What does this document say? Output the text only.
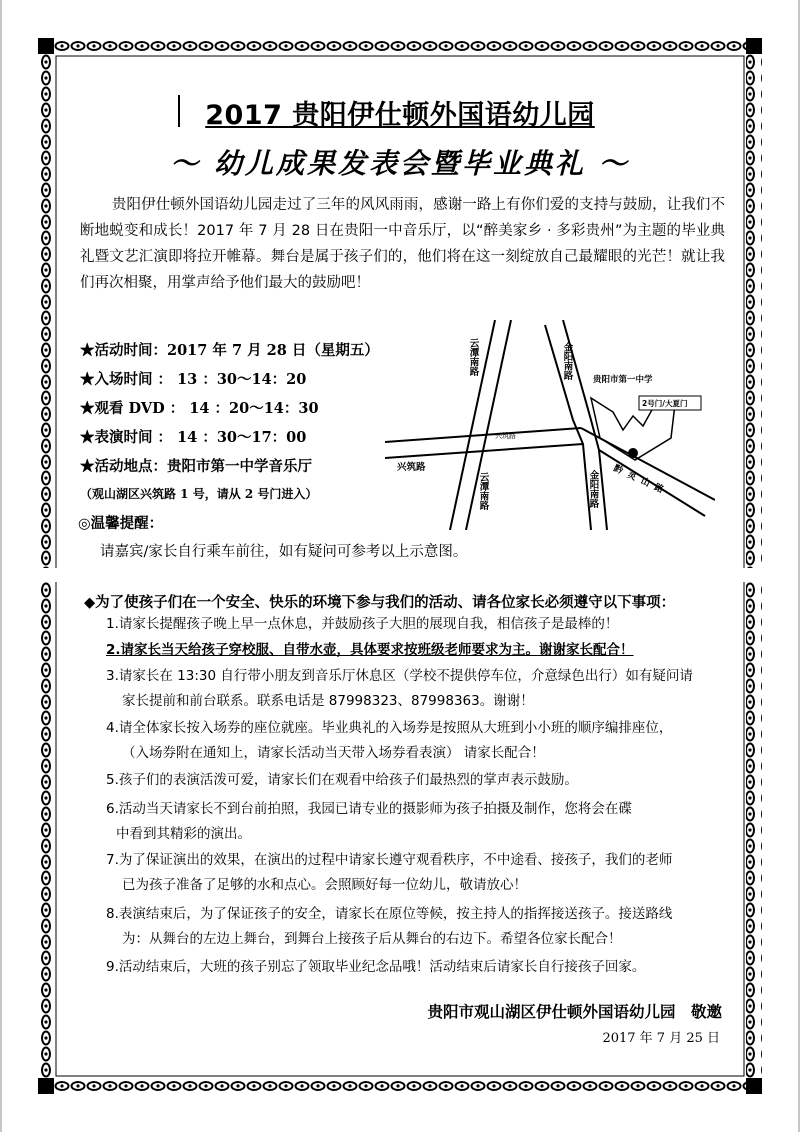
2017 贵阳伊仕顿外国语幼儿园
～ 幼儿成果发表会暨毕业典礼 ～
贵阳伊仕顿外国语幼儿园走过了三年的风风雨雨，感谢一路上有你们爱的支持与鼓励，让我们不断地蜕变和成长！2017 年 7 月 28 日在贵阳一中音乐厅，以“醉美家乡 · 多彩贵州”为主题的毕业典礼暨文艺汇演即将拉开帷幕。舞台是属于孩子们的，他们将在这一刻绽放自己最耀眼的光芒！就让我们再次相聚，用掌声给予他们最大的鼓励吧！
★活动时间：2017 年 7 月 28 日（星期五）
★入场时间 ： 13 ：30～14：20
★观看 DVD ： 14 ：20～14：30
★表演时间 ： 14 ：30～17：00
★活动地点：贵阳市第一中学音乐厅
（观山湖区兴筑路 1 号，请从 2 号门进入）
云潭南路
云潭南路
金阳南路
金阳南路
兴筑路
兴筑路
黔灵山路
贵阳市第一中学
2号门/大夏门
◎温馨提醒：
请嘉宾/家长自行乘车前往，如有疑问可参考以上示意图。
◆为了使孩子们在一个安全、快乐的环境下参与我们的活动、请各位家长必须遵守以下事项：
1.请家长提醒孩子晚上早一点休息，并鼓励孩子大胆的展现自我，相信孩子是最棒的！
2.请家长当天给孩子穿校服、自带水壶，具体要求按班级老师要求为主。谢谢家长配合！
3.请家长在 13:30 自行带小朋友到音乐厅休息区（学校不提供停车位，介意绿色出行）如有疑问请
家长提前和前台联系。联系电话是 87998323、87998363。谢谢！
4.请全体家长按入场券的座位就座。毕业典礼的入场券是按照从大班到小小班的顺序编排座位，
（入场券附在通知上，请家长活动当天带入场券看表演） 请家长配合！
5.孩子们的表演活泼可爱，请家长们在观看中给孩子们最热烈的掌声表示鼓励。
6.活动当天请家长不到台前拍照，我园已请专业的摄影师为孩子拍摄及制作，您将会在碟
中看到其精彩的演出。
7.为了保证演出的效果，在演出的过程中请家长遵守观看秩序，不中途看、接孩子，我们的老师
已为孩子准备了足够的水和点心。会照顾好每一位幼儿，敬请放心！
8.表演结束后，为了保证孩子的安全，请家长在原位等候，按主持人的指挥接送孩子。接送路线
为：从舞台的左边上舞台，到舞台上接孩子后从舞台的右边下。希望各位家长配合！
9.活动结束后，大班的孩子别忘了领取毕业纪念品哦！活动结束后请家长自行接孩子回家。
贵阳市观山湖区伊仕顿外国语幼儿园　敬邀
2017 年 7 月 25 日
